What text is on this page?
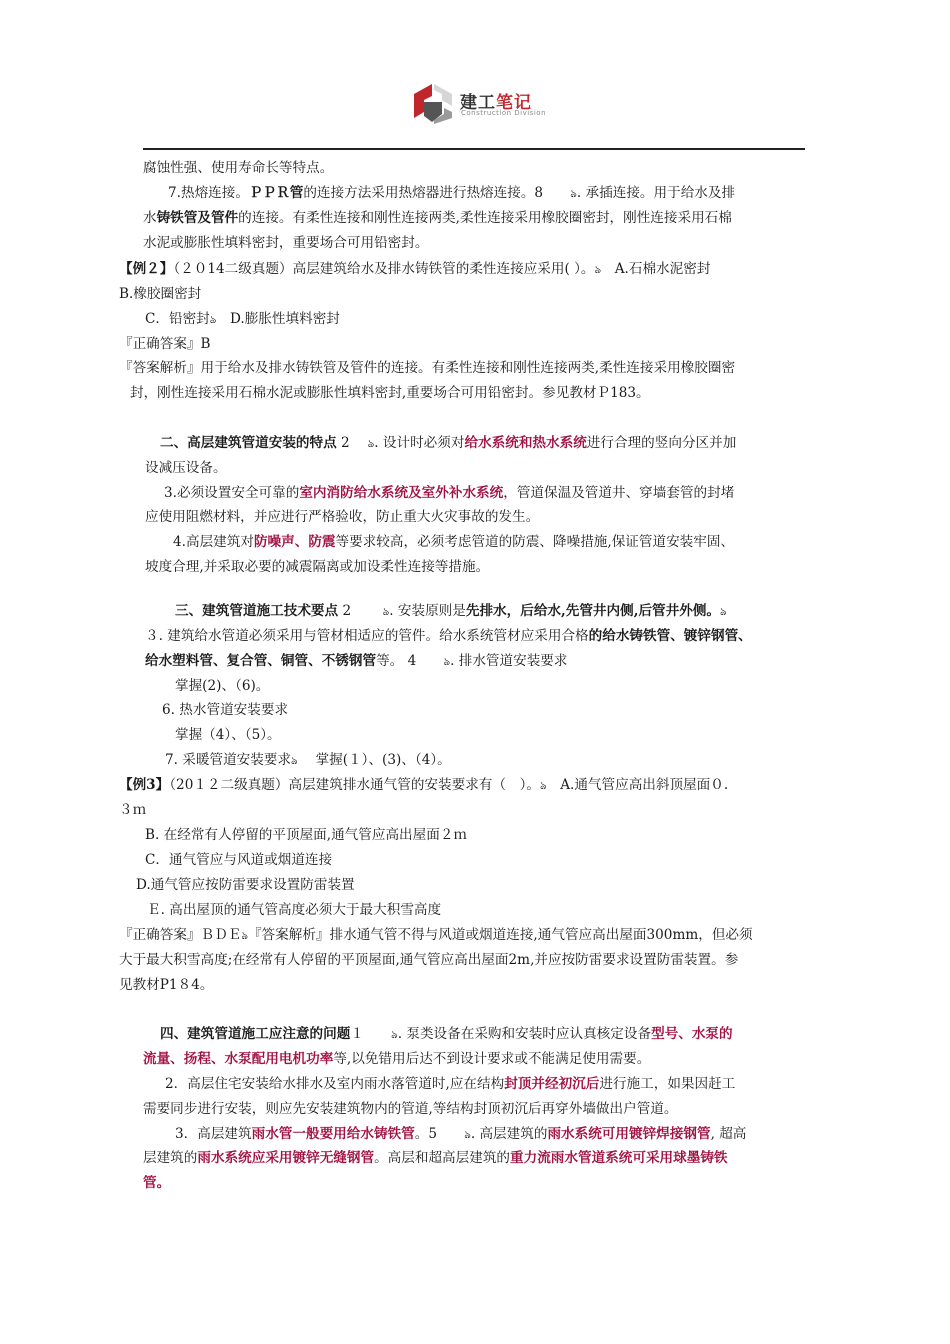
建工笔记
Construction Division
腐蚀性强、使用寿命长等特点。
7.热熔连接。ＰＰＲ管的连接方法采用热熔器进行热熔连接。8　　ঌ. 承插连接。用于给水及排
水铸铁管及管件的连接。有柔性连接和刚性连接两类,柔性连接采用橡胶圈密封，刚性连接采用石棉
水泥或膨胀性填料密封，重要场合可用铅密封。
【例２】（２０14二级真题）高层建筑给水及排水铸铁管的柔性连接应采用( ）。ঌ　A.石棉水泥密封
B.橡胶圈密封
C．铅密封ঌ　D.膨胀性填料密封
『正确答案』B
『答案解析』用于给水及排水铸铁管及管件的连接。有柔性连接和刚性连接两类,柔性连接采用橡胶圈密
封，刚性连接采用石棉水泥或膨胀性填料密封,重要场合可用铅密封。参见教材Ｐ183。
二、高层建筑管道安装的特点 2　 ঌ. 设计时必须对给水系统和热水系统进行合理的竖向分区并加
设减压设备。
3.必须设置安全可靠的室内消防给水系统及室外补水系统，管道保温及管道井、穿墙套管的封堵
应使用阻燃材料，并应进行严格验收，防止重大火灾事故的发生。
4.高层建筑对防噪声、防震等要求较高，必须考虑管道的防震、降噪措施,保证管道安装牢固、
坡度合理,并采取必要的减震隔离或加设柔性连接等措施。
三、建筑管道施工技术要点 2　　 ঌ. 安装原则是先排水，后给水,先管井内侧,后管井外侧。ঌ
３. 建筑给水管道必须采用与管材相适应的管件。给水系统管材应采用合格的给水铸铁管、镀锌钢管、
给水塑料管、复合管、铜管、不锈钢管等。 4　　ঌ. 排水管道安装要求
掌握(2)、（6)。
6. 热水管道安装要求
掌握（4）、（5）。
7. 采暖管道安装要求ঌ　 掌握(１）、(3)、（4）。
【例3】（20１２二级真题）高层建筑排水通气管的安装要求有（　）。ঌ　A.通气管应高出斜顶屋面０.
３ｍ
B. 在经常有人停留的平顶屋面,通气管应高出屋面２ｍ
C．通气管应与风道或烟道连接
D.通气管应按防雷要求设置防雷装置
Ｅ. 高出屋顶的通气管高度必须大于最大积雪高度
『正确答案』ＢＤＥঌ『答案解析』排水通气管不得与风道或烟道连接,通气管应高出屋面300mm，但必须
大于最大积雪高度;在经常有人停留的平顶屋面,通气管应高出屋面2m,并应按防雷要求设置防雷装置。参
见教材P1８4。
四、建筑管道施工应注意的问题１　　ঌ. 泵类设备在采购和安装时应认真核定设备型号、水泵的
流量、扬程、水泵配用电机功率等,以免错用后达不到设计要求或不能满足使用需要。
2．高层住宅安装给水排水及室内雨水落管道时,应在结构封顶并经初沉后进行施工，如果因赶工
需要同步进行安装，则应先安装建筑物内的管道,等结构封顶初沉后再穿外墙做出户管道。
3．高层建筑雨水管一般要用给水铸铁管。5　　ঌ. 高层建筑的雨水系统可用镀锌焊接钢管, 超高
层建筑的雨水系统应采用镀锌无缝钢管。高层和超高层建筑的重力流雨水管道系统可采用球墨铸铁
管。
